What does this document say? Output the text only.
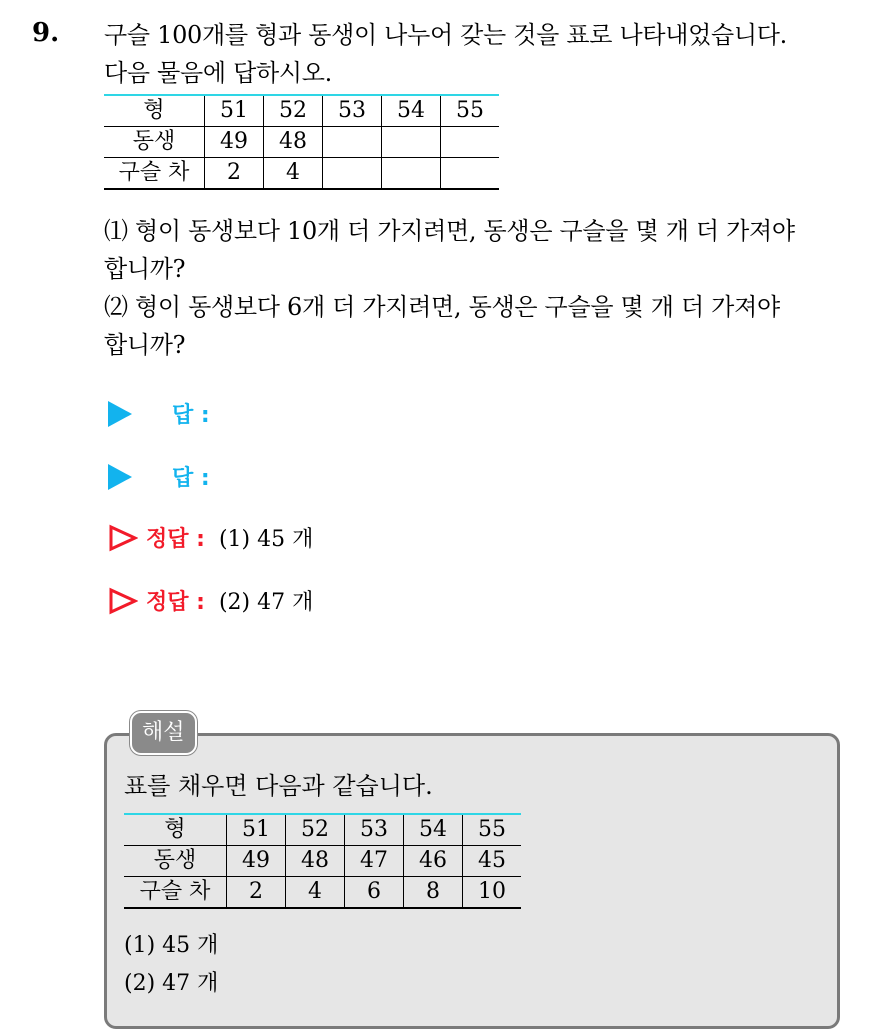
9. 구슬 100개를 형과 동생이 나누어 갖는 것을 표로 나타내었습니다.
다음 물음에 답하시오.
형	51	52	53	54	55
동생	49	48			
구슬 차	2	4			
⑴ 형이 동생보다 10개 더 가지려면, 동생은 구슬을 몇 개 더 가져야
합니까?
⑵ 형이 동생보다 6개 더 가지려면, 동생은 구슬을 몇 개 더 가져야
합니까?
답 :
답 :
정답 : (1) 45 개
정답 : (2) 47 개
해설
표를 채우면 다음과 같습니다.
형	51	52	53	54	55
동생	49	48	47	46	45
구슬 차	2	4	6	8	10
(1) 45 개
(2) 47 개
